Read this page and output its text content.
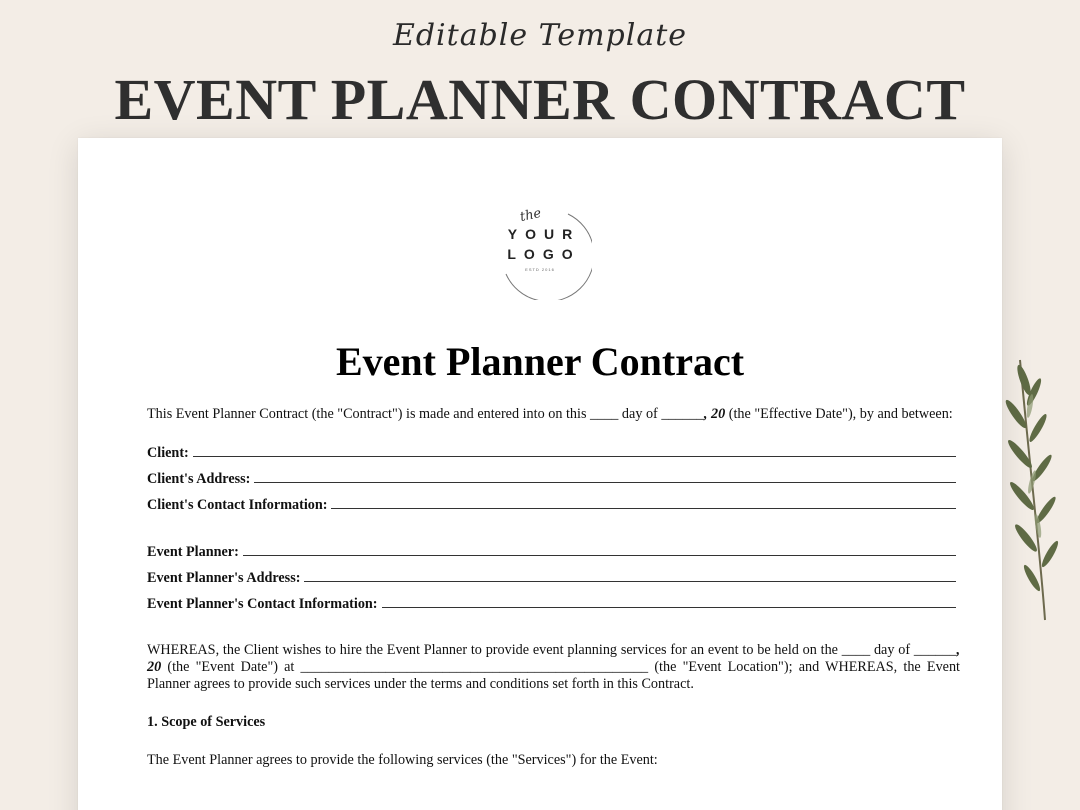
Editable Template
EVENT PLANNER CONTRACT
the
YOUR
LOGO
ESTD 2016
Event Planner Contract

This Event Planner Contract (the "Contract") is made and entered into on this ____ day of ______, 20 (the "Effective Date"), by and between:

Client:
Client's Address:
Client's Contact Information:
Event Planner:
Event Planner's Address:
Event Planner's Contact Information:

WHEREAS, the Client wishes to hire the Event Planner to provide event planning services for an event to be held on the ____ day of ______, 20 (the "Event Date") at _________________________________________________ (the "Event Location"); and WHEREAS, the Event Planner agrees to provide such services under the terms and conditions set forth in this Contract.

1. Scope of Services

The Event Planner agrees to provide the following services (the "Services") for the Event:
